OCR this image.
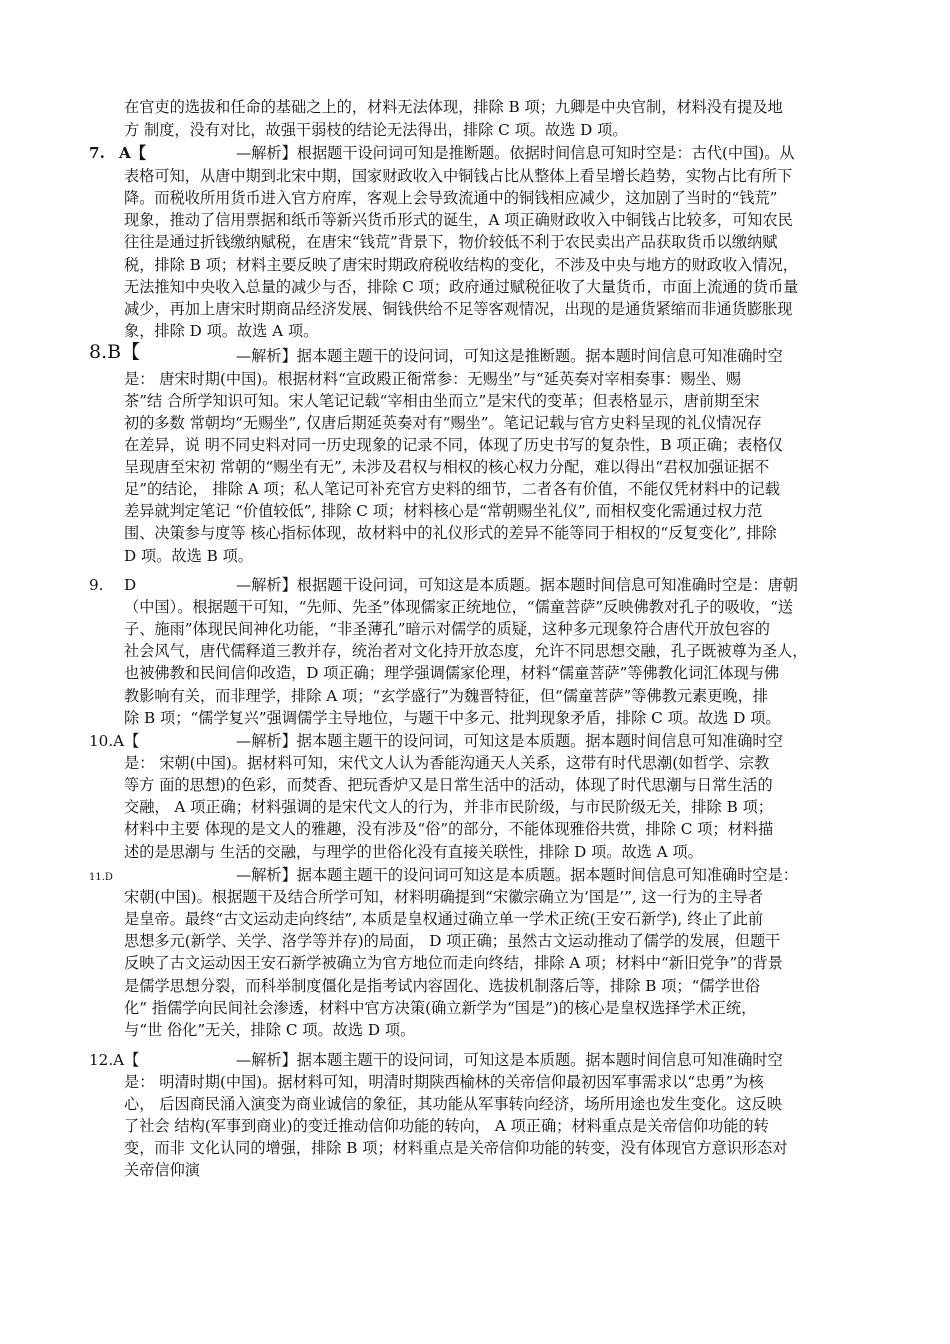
在官吏的选拔和任命的基础之上的，材料无法体现，排除 B 项；九卿是中央官制，材料没有提及地
方 制度，没有对比，故强干弱枝的结论无法得出，排除 C 项。故选 D 项。
7. A【	—解析】根据题干设问词可知是推断题。依据时间信息可知时空是：古代(中国)。从
表格可知，从唐中期到北宋中期，国家财政收入中铜钱占比从整体上看呈增长趋势，实物占比有所下
降。而税收所用货币进入官方府库，客观上会导致流通中的铜钱相应减少，这加剧了当时的“钱荒”
现象，推动了信用票据和纸币等新兴货币形式的诞生，A 项正确财政收入中铜钱占比较多，可知农民
往往是通过折钱缴纳赋税，在唐宋“钱荒”背景下，物价较低不利于农民卖出产品获取货币以缴纳赋
税，排除 B 项；材料主要反映了唐宋时期政府税收结构的变化，不涉及中央与地方的财政收入情况，
无法推知中央收入总量的减少与否，排除 C 项；政府通过赋税征收了大量货币，市面上流通的货币量
减少，再加上唐宋时期商品经济发展、铜钱供给不足等客观情况，出现的是通货紧缩而非通货膨胀现
象，排除 D 项。故选 A 项。
8.B【	—解析】据本题主题干的设问词，可知这是推断题。据本题时间信息可知准确时空
是： 唐宋时期(中国)。根据材料“宣政殿正衙常参：无赐坐”与“延英奏对宰相奏事：赐坐、赐
茶”结 合所学知识可知。宋人笔记记载“宰相由坐而立”是宋代的变革；但表格显示，唐前期至宋
初的多数 常朝均“无赐坐”, 仅唐后期延英奏对有“赐坐”。笔记记载与官方史料呈现的礼仪情况存
在差异，说 明不同史料对同一历史现象的记录不同，体现了历史书写的复杂性，B 项正确；表格仅
呈现唐至宋初 常朝的“赐坐有无”, 未涉及君权与相权的核心权力分配，难以得出“君权加强证据不
足”的结论， 排除 A 项；私人笔记可补充官方史料的细节，二者各有价值，不能仅凭材料中的记载
差异就判定笔记 “价值较低”, 排除 C 项；材料核心是“常朝赐坐礼仪”, 而相权变化需通过权力范
围、决策参与度等 核心指标体现，故材料中的礼仪形式的差异不能等同于相权的“反复变化”, 排除
D 项。故选 B 项。
9. D	—解析】根据题干设问词，可知这是本质题。据本题时间信息可知准确时空是：唐朝
（中国）。根据题干可知，“先师、先圣”体现儒家正统地位，“儒童菩萨”反映佛教对孔子的吸收，“送
子、施雨”体现民间神化功能，“非圣薄孔”暗示对儒学的质疑，这种多元现象符合唐代开放包容的
社会风气，唐代儒释道三教并存，统治者对文化持开放态度，允许不同思想交融，孔子既被尊为圣人，
也被佛教和民间信仰改造，D 项正确；理学强调儒家伦理，材料“儒童菩萨”等佛教化词汇体现与佛
教影响有关，而非理学，排除 A 项；“玄学盛行”为魏晋特征，但“儒童菩萨”等佛教元素更晚，排
除 B 项；“儒学复兴”强调儒学主导地位，与题干中多元、批判现象矛盾，排除 C 项。故选 D 项。
10.A【	—解析】据本题主题干的设问词，可知这是本质题。据本题时间信息可知准确时空
是： 宋朝(中国)。据材料可知，宋代文人认为香能沟通天人关系，这带有时代思潮(如哲学、宗教
等方 面的思想)的色彩，而焚香、把玩香炉又是日常生活中的活动，体现了时代思潮与日常生活的
交融， A 项正确；材料强调的是宋代文人的行为，并非市民阶级，与市民阶级无关，排除 B 项；
材料中主要 体现的是文人的雅趣，没有涉及“俗”的部分，不能体现雅俗共赏，排除 C 项；材料描
述的是思潮与 生活的交融，与理学的世俗化没有直接关联性，排除 D 项。故选 A 项。
11.D	—解析】据本题主题干的设问词可知这是本质题。据本题时间信息可知准确时空是：
宋朝(中国)。根据题干及结合所学可知，材料明确提到“宋徽宗确立为‘国是’”, 这一行为的主导者
是皇帝。最终“古文运动走向终结”, 本质是皇权通过确立单一学术正统(王安石新学), 终止了此前
思想多元(新学、关学、洛学等并存)的局面， D 项正确；虽然古文运动推动了儒学的发展，但题干
反映了古文运动因王安石新学被确立为官方地位而走向终结，排除 A 项；材料中“新旧党争”的背景
是儒学思想分裂，而科举制度僵化是指考试内容固化、选拔机制落后等，排除 B 项；“儒学世俗
化” 指儒学向民间社会渗透，材料中官方决策(确立新学为“国是”)的核心是皇权选择学术正统，
与“世 俗化”无关，排除 C 项。故选 D 项。
12.A【	—解析】据本题主题干的设问词，可知这是本质题。据本题时间信息可知准确时空
是： 明清时期(中国)。据材料可知，明清时期陕西榆林的关帝信仰最初因军事需求以“忠勇”为核
心， 后因商民涌入演变为商业诚信的象征，其功能从军事转向经济，场所用途也发生变化。这反映
了社会 结构(军事到商业)的变迁推动信仰功能的转向， A 项正确；材料重点是关帝信仰功能的转
变，而非 文化认同的增强，排除 B 项；材料重点是关帝信仰功能的转变，没有体现官方意识形态对
关帝信仰演
